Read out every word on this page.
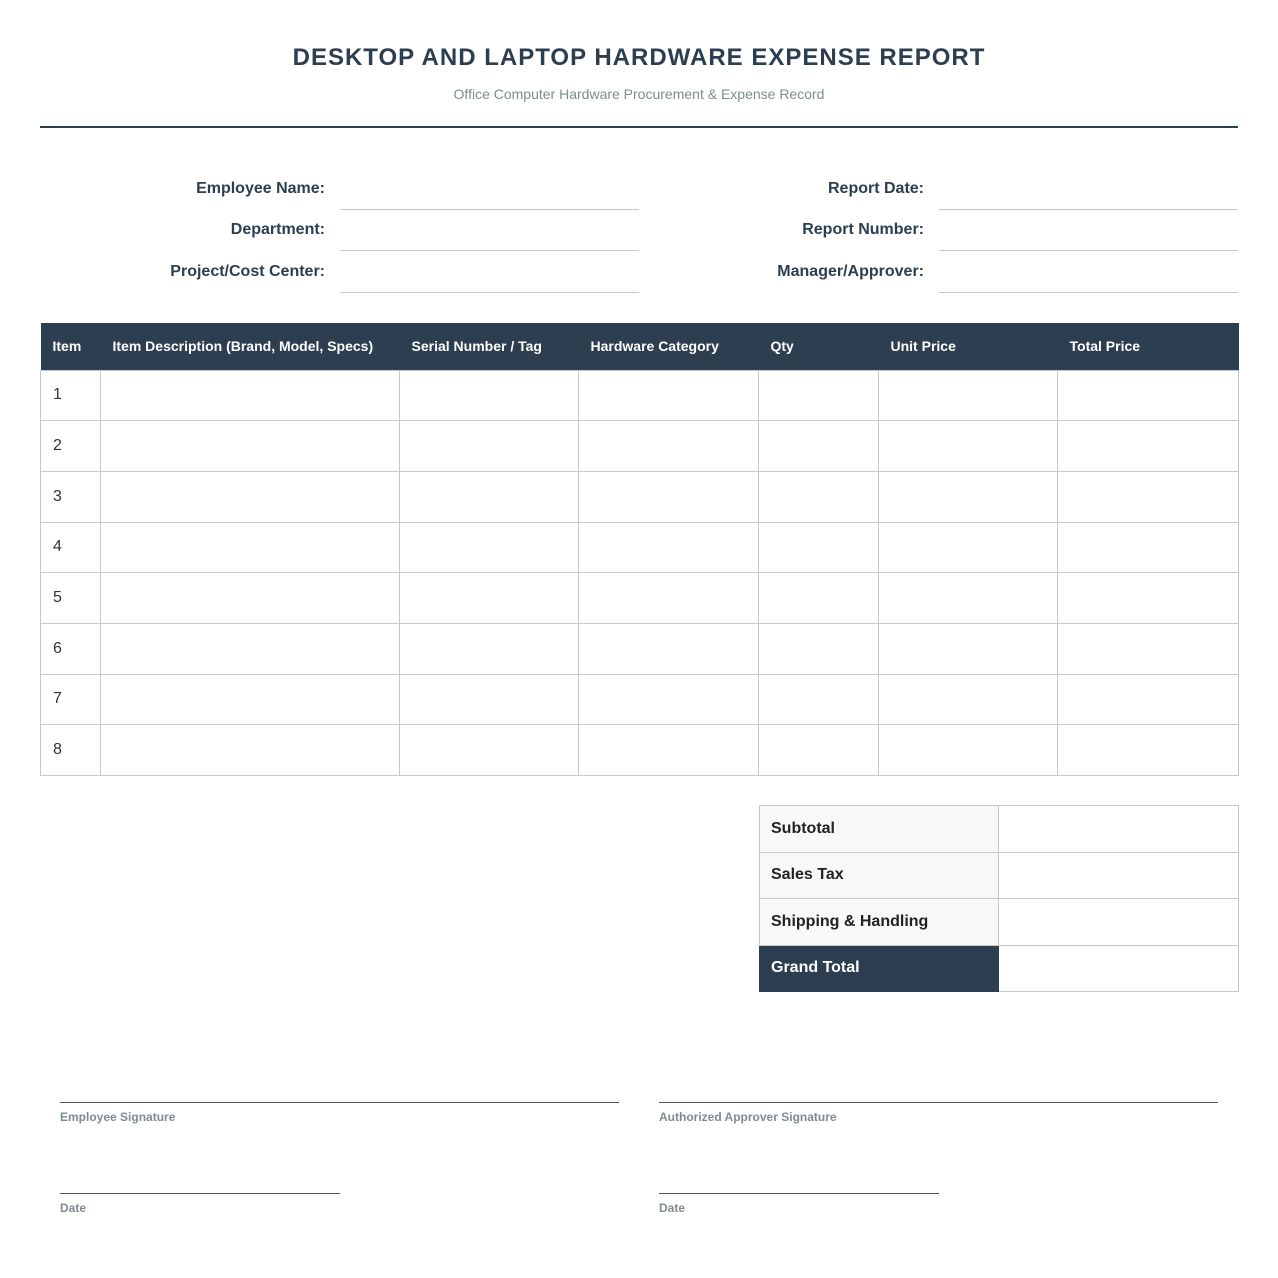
DESKTOP AND LAPTOP HARDWARE EXPENSE REPORT
Office Computer Hardware Procurement & Expense Record
Employee Name:
Department:
Project/Cost Center:
Report Date:
Report Number:
Manager/Approver:
Item	Item Description (Brand, Model, Specs)	Serial Number / Tag	Hardware Category	Qty	Unit Price	Total Price
1						
2						
3						
4						
5						
6						
7						
8						
Subtotal	
Sales Tax	
Shipping & Handling	
Grand Total	
Employee Signature	Authorized Approver Signature
Date	Date
